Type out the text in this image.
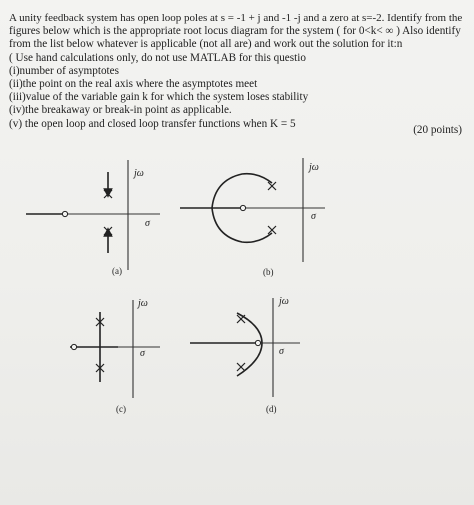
A unity feedback system has open loop poles at s = -1 + j and -1 -j and a zero at s=-2. Identify from the

figures below which is the appropriate root locus diagram for the system ( for 0<k< ∞ ) Also identify

from the list below whatever is applicable (not all are) and work out the solution for it:n

( Use hand calculations only, do not use MATLAB for this questio

(i)number of asymptotes

(ii)the point on the real axis where the asymptotes meet

(iii)value of the variable gain k for which the system loses stability

(iv)the breakaway or break-in point as applicable.

(v) the open loop and closed loop transfer functions when K = 5

(20 points)
jω
σ
(a)
jω
σ
(b)
jω
σ
(c)
jω
σ
(d)
